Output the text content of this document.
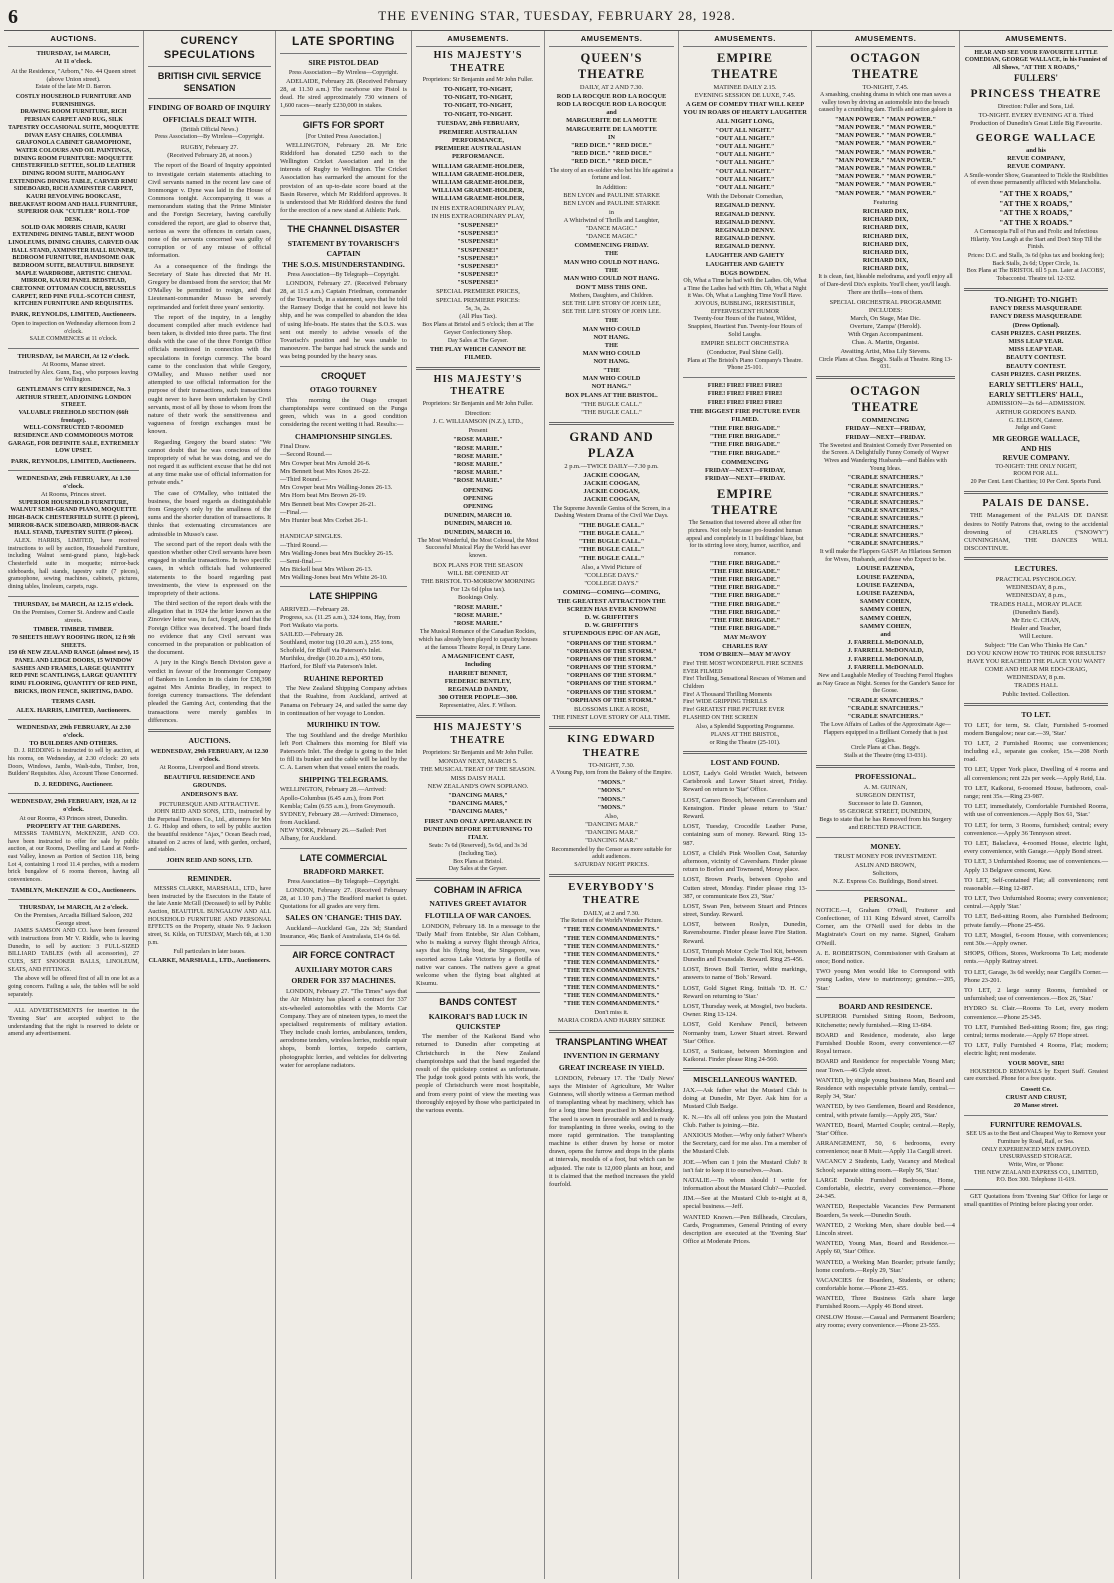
6	THE EVENING STAR, TUESDAY, FEBRUARY 28, 1928.
AUCTIONS.
THURSDAY, 1st MARCH,
At 11 o'clock.
At the Residence, "Arborn," No. 44 Queen street (above Union street).
Estate of the late Mr D. Barron.
COSTLY HOUSEHOLD FURNITURE AND FURNISHINGS.
DRAWING ROOM FURNITURE, RICH PERSIAN CARPET AND RUG, SILK TAPESTRY OCCASIONAL SUITE, MOQUETTE DIVAN EASY CHAIRS, COLUMBIA GRAFONOLA CABINET GRAMOPHONE, WATER COLOURS AND OIL PAINTINGS, DINING ROOM FURNITURE: MOQUETTE CHESTERFIELD SETTEE, SOLID LEATHER DINING ROOM SUITE, MAHOGANY EXTENDING DINING TABLE, CARVED RIMU SIDEBOARD, RICH AXMINSTER CARPET, KAURI REVOLVING BOOKCASE, BREAKFAST ROOM AND HALL FURNITURE, SUPERIOR OAK "CUTLER" ROLL-TOP DESK.
SOLID OAK MORRIS CHAIR, KAURI EXTENDING DINING TABLE, BENT WOOD LINOLEUMS, DINING CHAIRS, CARVED OAK HALL STAND, AXMINSTER HALL RUNNER, BEDROOM FURNITURE, HANDSOME OAK BEDROOM SUITE, BEAUTIFUL BIRDSEYE MAPLE WARDROBE, ARTISTIC CHEVAL MIRROR, KAURI PANEL BEDSTEAD, CRETONNE OTTOMAN COUCH, BRUSSELS CARPET, RED PINE FULL-SCOTCH CHEST, KITCHEN FURNITURE AND REQUISITES.
PARK, REYNOLDS, LIMITED, Auctioneers.
Open to inspection on Wednesday afternoon from 2 o'clock.
SALE COMMENCES at 11 o'clock.
THURSDAY, 1st MARCH, At 12 o'clock.
At Rooms, Manse street.
Instructed by Alex. Gunn, Esq., who purposes leaving for Wellington.
GENTLEMAN'S CITY RESIDENCE, No. 3 ARTHUR STREET, ADJOINING LONDON STREET.
VALUABLE FREEHOLD SECTION (66ft frontage).
WELL-CONSTRUCTED 7-ROOMED RESIDENCE AND COMMODIOUS MOTOR GARAGE, FOR DEFINITE SALE, EXTREMELY LOW UPSET.
PARK, REYNOLDS, LIMITED, Auctioneers.
WEDNESDAY, 29th FEBRUARY, At 1.30 o'clock.
At Rooms, Princes street.
SUPERIOR HOUSEHOLD FURNITURE, WALNUT SEMI-GRAND PIANO, MOQUETTE HIGH-BACK CHESTERFIELD SUITE (3 pieces), MIRROR-BACK SIDEBOARD, MIRROR-BACK HALL STAND, TAPESTRY SUITE (7 pieces).
ALEX. HARRIS, LIMITED, have received instructions to sell by auction, Household Furniture, including Walnut semi-grand piano, high-back Chesterfield suite in moquette; mirror-back sideboards, hall stands, tapestry suite (7 pieces), gramophone, sewing machines, cabinets, pictures, dining tables, linoleum, carpets, rugs.
THURSDAY, 1st MARCH, At 12.15 o'clock.
On the Premises, Corner St. Andrew and Castle streets.
TIMBER. TIMBER. TIMBER.
70 SHEETS HEAVY ROOFING IRON, 12 ft 9ft SHEETS.
150 6ft NEW ZEALAND RANGE (almost new), 15 PANEL AND LEDGE DOORS, 15 WINDOW SASHES AND FRAMES, LARGE QUANTITY RED PINE SCANTLINGS, LARGE QUANTITY RIMU FLOORING, QUANTITY OF RED PINE, BRICKS, IRON FENCE, SKIRTING, DADO.
TERMS CASH.
ALEX. HARRIS, LIMITED, Auctioneers.
WEDNESDAY, 29th FEBRUARY, At 2.30 o'clock.
TO BUILDERS AND OTHERS.
D. J. REDDING is instructed to sell by auction, at his rooms, on Wednesday, at 2.30 o'clock: 20 sets Doors, Windows, Jambs, Wash-tubs, Timber, Iron, Builders' Requisites. Also, Account Those Concerned.
D. J. REDDING, Auctioneer.
WEDNESDAY, 29th FEBRUARY, 1928, At 12 o'clock.
At our Rooms, 43 Princes street, Dunedin.
PROPERTY AT THE GARDENS.
MESSRS TAMBLYN, McKENZIE, AND CO. have been instructed to offer for sale by public auction, at our Rooms, Dwelling and Land at North-east Valley, known as Portion of Section 118, being Lot 4, containing 1 rood 11.4 perches, with a modern brick bungalow of 6 rooms thereon, having all conveniences.
TAMBLYN, McKENZIE & CO., Auctioneers.
THURSDAY, 1st MARCH, At 2 o'clock.
On the Premises, Arcadia Billiard Saloon, 202 George street.
JAMES SAMSON AND CO. have been favoured with instructions from Mr V. Riddle, who is leaving Dunedin, to sell by auction: 3 FULL-SIZED BILLIARD TABLES (with all accessories), 27 CUES, SET SNOOKER BALLS, LINOLEUM, SEATS, AND FITTINGS.
The above will be offered first of all in one lot as a going concern. Failing a sale, the tables will be sold separately.
ALL ADVERTISEMENTS for insertion in the 'Evening Star' are accepted subject to the understanding that the right is reserved to delete or amend any advertisement.
CURENCY SPECULATIONS
BRITISH CIVIL SERVICE SENSATION
FINDING OF BOARD OF INQUIRY
OFFICIALS DEALT WITH.
(British Official News.)
Press Association—By Wireless—Copyright.
RUGBY, February 27.
(Received February 28, at noon.)
The report of the Board of Inquiry appointed to investigate certain statements attaching to Civil servants named in the recent law case of Ironmonger v. Dyne was laid in the House of Commons tonight. Accompanying it was a memorandum stating that the Prime Minister and the Foreign Secretary, having carefully considered the report, are glad to observe that, serious as were the offences in certain cases, none of the servants concerned was guilty of corruption or of any misuse of official information.
As a consequence of the findings the Secretary of State has directed that Mr H. Gregory be dismissed from the service; that Mr O'Malley be permitted to resign, and that Lieutenant-commander Musso be severely reprimanded and forfeit three years' seniority.
The report of the inquiry, in a lengthy document compiled after much evidence had been taken, is divided into three parts. The first deals with the case of the three Foreign Office officials mentioned in connection with the speculations in foreign currency. The board came to the conclusion that while Gregory, O'Malley, and Musso neither used nor attempted to use official information for the purpose of their transactions, such transactions ought never to have been undertaken by Civil servants, most of all by those to whom from the nature of their work the sensitiveness and vagueness of foreign exchanges must be known.
Regarding Gregory the board states: "We cannot doubt that he was conscious of the impropriety of what he was doing, and we do not regard it as sufficient excuse that he did not at any time make use of official information for private ends."
The case of O'Malley, who initiated the business, the board regards as distinguishable from Gregory's only by the smallness of the sums and the shorter duration of transactions. It thinks that extenuating circumstances are admissible in Musso's case.
The second part of the report deals with the question whether other Civil servants have been engaged in similar transactions. In two specific cases, in which officials had volunteered statements to the board regarding past investments, the view is expressed on the impropriety of their actions.
The third section of the report deals with the allegation that in 1924 the letter known as the Zinoviev letter was, in fact, forged, and that the Foreign Office was deceived. The board finds no evidence that any Civil servant was concerned in the preparation or publication of the document.
A jury in the King's Bench Division gave a verdict in favour of the Ironmonger Company of Bankers in London in its claim for £38,398 against Mrs Aminta Bradley, in respect to foreign currency transactions. The defendant pleaded the Gaming Act, contending that the transactions were merely gambles in differences.
AUCTIONS.
WEDNESDAY, 29th FEBRUARY, At 12.30 o'clock.
At Rooms, Liverpool and Bond streets.
BEAUTIFUL RESIDENCE AND GROUNDS.
ANDERSON'S BAY.
PICTURESQUE AND ATTRACTIVE.
JOHN REID AND SONS, LTD., instructed by the Perpetual Trustees Co., Ltd., attorneys for Mrs J. G. Hislop and others, to sell by public auction the beautiful residence "Ajax," Ocean Beach road, situated on 2 acres of land, with garden, orchard, and stables.
JOHN REID AND SONS, LTD.
REMINDER.
MESSRS CLARKE, MARSHALL, LTD., have been instructed by the Executors in the Estate of the late Annie McGill (Deceased) to sell by Public Auction, BEAUTIFUL BUNGALOW AND ALL HOUSEHOLD FURNITURE AND PERSONAL EFFECTS on the Property, situate No. 9 Jackson street, St. Kilda, on TUESDAY, March 6th, at 1.30 p.m.
Full particulars in later issues.
CLARKE, MARSHALL, LTD., Auctioneers.
LATE SPORTING
SIRE PISTOL DEAD
Press Association—By Wireless—Copyright.
ADELAIDE, February 28. (Received February 28, at 11.30 a.m.) The racehorse sire Pistol is dead. He sired approximately 730 winners of 1,600 races—nearly £230,000 in stakes.
GIFTS FOR SPORT
[For United Press Association.]
WELLINGTON, February 28. Mr Eric Riddiford has donated £250 each to the Wellington Cricket Association and in the interests of Rugby to Wellington. The Cricket Association has earmarked the amount for the provision of an up-to-date score board at the Basin Reserve, which Mr Riddiford approves. It is understood that Mr Riddiford desires the fund for the erection of a new stand at Athletic Park.
THE CHANNEL DISASTER
STATEMENT BY TOVARISCH'S CAPTAIN
THE S.O.S. MISUNDERSTANDING.
Press Association—By Telegraph—Copyright.
LONDON, February 27. (Received February 28, at 11.5 a.m.) Captain Friedman, commander of the Tovarisch, in a statement, says that he told the Ramsey Dodge that he could not leave his ship, and he was compelled to abandon the idea of using life-boats. He states that the S.O.S. was sent out merely to advise vessels of the Tovarisch's position and he was unable to manoeuvre. The barque had struck the sands and was being pounded by the heavy seas.
CROQUET
OTAGO TOURNEY
This morning the Otago croquet championships were continued on the Punga green, which was in a good condition considering the recent wetting it had. Results:—
CHAMPIONSHIP SINGLES.
Final Draw.
—Second Round.—
Mrs Cowper beat Mrs Arnold 26-6.
Mrs Bennett beat Mrs Knox 26-22.
—Third Round.—
Mrs Cowper beat Mrs Walling-Jones 26-13.
Mrs Horn beat Mrs Brown 26-19.
Mrs Bennett beat Mrs Cowper 26-21.
—Final.—
Mrs Hunter beat Mrs Corbet 26-1.

HANDICAP SINGLES.
—Third Round.—
Mrs Walling-Jones beat Mrs Buckley 26-15.
—Semi-final.—
Mrs Bickell beat Mrs Wilson 26-13.
Mrs Walling-Jones beat Mrs White 26-10.
LATE SHIPPING
ARRIVED.—February 28.
Progress, s.s. (11.25 a.m.), 324 tons, Hay, from Port Waikato via ports.
SAILED.—February 28.
Southland, motor tug (10.20 a.m.), 255 tons, Schofield, for Bluff via Paterson's Inlet.
Murihiku, dredge (10.20 a.m.), 450 tons, Harford, for Bluff via Paterson's Inlet.
RUAHINE REPORTED
The New Zealand Shipping Company advises that the Ruahine, from Auckland, arrived at Panama on February 24, and sailed the same day in continuation of her voyage to London.
MURIHIKU IN TOW.
The tug Southland and the dredge Murihiku left Port Chalmers this morning for Bluff via Paterson's Inlet. The dredge is going to the Inlet to fill its bunker and the cable will be laid by the C. A. Larsen when that vessel enters the roads.
SHIPPING TELEGRAMS.
WELLINGTON, February 28.—Arrived: Apollo-Columbus (6.45 a.m.), from Port Kembla; Calm (6.55 a.m.), from Greymouth.
SYDNEY, February 28.—Arrived: Dimensco, from Auckland.
NEW YORK, February 26.—Sailed: Port Albany, for Auckland.
LATE COMMERCIAL
BRADFORD MARKET.
Press Association—By Telegraph—Copyright.
LONDON, February 27. (Received February 28, at 1.10 p.m.) The Bradford market is quiet. Quotations for all grades are very firm.
SALES ON 'CHANGE: THIS DAY.
Auckland—Auckland Gas, 22s 3d; Standard Insurance, 46s; Bank of Australasia, £14 6s 6d.
AIR FORCE CONTRACT
AUXILIARY MOTOR CARS
ORDER FOR 337 MACHINES.
LONDON, February 27. "The Times" says that the Air Ministry has placed a contract for 337 six-wheeled automobiles with the Morris Car Company. They are of nineteen types, to meet the specialised requirements of military aviation. They include crash lorries, ambulances, tenders, aerodrome tenders, wireless lorries, mobile repair shops, bomb lorries, torpedo carriers, photographic lorries, and vehicles for delivering water for aeroplane radiators.
AMUSEMENTS.
HIS MAJESTY'S THEATRE
Proprietors: Sir Benjamin and Mr John Fuller.
TO-NIGHT, TO-NIGHT,
TO-NIGHT, TO-NIGHT,
TO-NIGHT, TO-NIGHT,
TO-NIGHT, TO-NIGHT.
TUESDAY, 28th FEBRUARY,
PREMIERE AUSTRALIAN
PERFORMANCE,
PREMIERE AUSTRALASIAN
PERFORMANCE.
WILLIAM GRAEME-HOLDER,
WILLIAM GRAEME-HOLDER,
WILLIAM GRAEME-HOLDER,
WILLIAM GRAEME-HOLDER,
WILLIAM GRAEME-HOLDER,
IN HIS EXTRAORDINARY PLAY,
IN HIS EXTRAORDINARY PLAY,
"SUSPENSE!"
"SUSPENSE!"
"SUSPENSE!"
"SUSPENSE!"
"SUSPENSE!"
"SUSPENSE!"
"SUSPENSE!"
"SUSPENSE!"
SPECIAL PREMIERE PRICES,
SPECIAL PREMIERE PRICES:
5s, 3s, 2s.
(All Plus Tax).
Box Plans at Bristol and 5 o'clock; then at The Geyser Confectionery Shop.
Day Sales at The Geyser.
THE PLAY WHICH CANNOT BE FILMED.
HIS MAJESTY'S THEATRE
Proprietors: Sir Benjamin and Mr John Fuller.
Direction:
J. C. WILLIAMSON (N.Z.), LTD.,
Present
"ROSE MARIE."
"ROSE MARIE."
"ROSE MARIE."
"ROSE MARIE."
"ROSE MARIE."
"ROSE MARIE."
OPENING
OPENING
OPENING
DUNEDIN, MARCH 10.
DUNEDIN, MARCH 10.
DUNEDIN, MARCH 10.
The Most Wonderful, the Most Colossal, the Most Successful Musical Play the World has ever known.
BOX PLANS FOR THE SEASON
WILL BE OPENED AT
THE BRISTOL TO-MORROW MORNING
For 12s 6d (plus tax).
Bookings Only.
"ROSE MARIE."
"ROSE MARIE."
"ROSE MARIE."
The Musical Romance of the Canadian Rockies, which has already been played to capacity houses at the famous Theatre Royal, in Drury Lane.
A MAGNIFICENT CAST,
Including
HARRIET BENNET,
FREDERIC BENTLEY,
REGINALD DANDY,
300 OTHER PEOPLE—300.
Representative, Alex. F. Wilson.
HIS MAJESTY'S THEATRE
Proprietors: Sir Benjamin and Mr John Fuller.
MONDAY NEXT, MARCH 5.
THE MUSICAL TREAT OF THE SEASON.
MISS DAISY HALL
NEW ZEALAND'S OWN SOPRANO.
"DANCING MARS,"
"DANCING MARS,"
"DANCING MARS,"
FIRST AND ONLY APPEARANCE IN DUNEDIN BEFORE RETURNING TO ITALY.
Seats: 7s 6d (Reserved), 5s 6d, and 3s 3d (Including Tax).
Box Plans at Bristol.
Day Sales at the Geyser.
COBHAM IN AFRICA
NATIVES GREET AVIATOR
FLOTILLA OF WAR CANOES.
LONDON, February 18. In a message to the 'Daily Mail' from Entebbe, Sir Alan Cobham, who is making a survey flight through Africa, says that his flying boat, the Singapore, was escorted across Lake Victoria by a flotilla of native war canoes. The natives gave a great welcome when the flying boat alighted at Kisumu.
BANDS CONTEST
KAIKORAI'S BAD LUCK IN QUICKSTEP
The member of the Kaikorai Band who returned to Dunedin after competing at Christchurch in the New Zealand championships said that the band regarded the result of the quickstep contest as unfortunate. The judge took good points with his work, the people of Christchurch were most hospitable, and from every point of view the meeting was thoroughly enjoyed by those who participated in the various events.
AMUSEMENTS.
QUEEN'S THEATRE
DAILY, AT 2 AND 7.30.
ROD LA ROCQUE ROD LA ROCQUE
ROD LA ROCQUE ROD LA ROCQUE
and
MARGUERITE DE LA MOTTE
MARGUERITE DE LA MOTTE
IN
"RED DICE." "RED DICE."
"RED DICE." "RED DICE."
"RED DICE." "RED DICE."
The story of an ex-soldier who bet his life against a fortune and lost.
In Addition:
BEN LYON and PAULINE STARKE
BEN LYON and PAULINE STARKE
in
A Whirlwind of Thrills and Laughter,
"DANCE MAGIC."
"DANCE MAGIC."
COMMENCING FRIDAY.
THE
MAN WHO COULD NOT HANG.
THE
MAN WHO COULD NOT HANG.
DON'T MISS THIS ONE.
Mothers, Daughters, and Children.
SEE THE LIFE STORY OF JOHN LEE,
SEE THE LIFE STORY OF JOHN LEE.
THE
MAN WHO COULD
NOT HANG.
THE
MAN WHO COULD
NOT HANG.
"THE
MAN WHO COULD
NOT HANG."
BOX PLANS AT THE BRISTOL.
"THE BUGLE CALL."
"THE BUGLE CALL."
GRAND AND PLAZA
2 p.m.—TWICE DAILY—7.30 p.m.
JACKIE COOGAN,
JACKIE COOGAN,
JACKIE COOGAN,
JACKIE COOGAN,
The Supreme Juvenile Genius of the Screen, in a Dashing Western Drama of the Civil War Days.
"THE BUGLE CALL."
"THE BUGLE CALL."
"THE BUGLE CALL."
"THE BUGLE CALL."
"THE BUGLE CALL."
Also, a Vivid Picture of
"COLLEGE DAYS."
"COLLEGE DAYS."
COMING—COMING—COMING,
THE GREATEST ATTRACTION THE SCREEN HAS EVER KNOWN!
D. W. GRIFFITH'S
D. W. GRIFFITH'S
STUPENDOUS EPIC OF AN AGE,
"ORPHANS OF THE STORM."
"ORPHANS OF THE STORM."
"ORPHANS OF THE STORM."
"ORPHANS OF THE STORM."
"ORPHANS OF THE STORM."
"ORPHANS OF THE STORM."
"ORPHANS OF THE STORM."
"ORPHANS OF THE STORM."
BLOSSOMS LIKE A ROSE,
THE FINEST LOVE STORY OF ALL TIME.
KING EDWARD THEATRE
TO-NIGHT, 7.30.
A Young Pup, torn from the Bakery of the Empire.
"MONS."
"MONS."
"MONS."
"MONS."
Also,
"DANCING MAR."
"DANCING MAR."
"DANCING MAR."
Recommended by the Censor as more suitable for adult audiences.
SATURDAY NIGHT PRICES.
EVERYBODY'S THEATRE
DAILY, at 2 and 7.30.
The Return of the World's Wonder Picture.
"THE TEN COMMANDMENTS."
"THE TEN COMMANDMENTS."
"THE TEN COMMANDMENTS."
"THE TEN COMMANDMENTS."
"THE TEN COMMANDMENTS."
"THE TEN COMMANDMENTS."
"THE TEN COMMANDMENTS."
"THE TEN COMMANDMENTS."
"THE TEN COMMANDMENTS."
"THE TEN COMMANDMENTS."
Don't miss it.
MARIA CORDA AND HARRY SIEDKE
TRANSPLANTING WHEAT
INVENTION IN GERMANY
GREAT INCREASE IN YIELD.
LONDON, February 17. The 'Daily News' says the Minister of Agriculture, Mr Walter Guinness, will shortly witness a German method of transplanting wheat by machinery, which has for a long time been practised in Mecklenburg. The seed is sown in favourable soil and is ready for transplanting in three weeks, owing to the more rapid germination. The transplanting machine is either drawn by horse or motor drawn, opens the furrow and drops in the plants at intervals, moulds of a foot, but which can be adjusted. The rate is 12,000 plants an hour, and it is claimed that the method increases the yield fourfold.
AMUSEMENTS.
EMPIRE THEATRE
MATINEE DAILY 2.15.
EVENING SESSION DE LUXE, 7.45.
A GEM OF COMEDY THAT WILL KEEP YOU IN ROARS OF HEARTY LAUGHTER
ALL NIGHT LONG,
"OUT ALL NIGHT."
"OUT ALL NIGHT."
"OUT ALL NIGHT."
"OUT ALL NIGHT."
"OUT ALL NIGHT."
"OUT ALL NIGHT."
"OUT ALL NIGHT."
"OUT ALL NIGHT."
With the Debonair Comedian,
REGINALD DENNY.
REGINALD DENNY.
REGINALD DENNY.
REGINALD DENNY.
REGINALD DENNY.
REGINALD DENNY.
LAUGHTER AND GAIETY
LAUGHTER AND GAIETY
BUGS BOWDEN.
Oh, What a Time he had with the Ladies. Oh, What a Time the Ladies had with Him. Oh, What a Night it Was. Oh, What a Laughing Time You'll Have. JOYOUS, BUBBLING, IRRESISTIBLE, EFFERVESCENT HUMOR
Twenty-four Hours of the Fastest, Wildest, Snappiest, Heartiest Fun. Twenty-four Hours of Solid Laughs.
EMPIRE SELECT ORCHESTRA
(Conductor, Paul Shine Gell).
Plans at The Bristol's Piano Company's Theatre. 'Phone 25-101.
FIRE! FIRE! FIRE! FIRE!
FIRE! FIRE! FIRE! FIRE!
FIRE! FIRE! FIRE! FIRE!
THE BIGGEST FIRE PICTURE EVER FILMED.
"THE FIRE BRIGADE."
"THE FIRE BRIGADE."
"THE FIRE BRIGADE."
"THE FIRE BRIGADE."
COMMENCING
FRIDAY—NEXT—FRIDAY,
FRIDAY—NEXT—FRIDAY.
EMPIRE THEATRE
The Sensation that towered above all other fire pictures. Not only because pro-foundest human appeal and completely in 11 buildings' blaze, but for its stirring love story, humor, sacrifice, and romance.
"THE FIRE BRIGADE."
"THE FIRE BRIGADE."
"THE FIRE BRIGADE."
"THE FIRE BRIGADE."
"THE FIRE BRIGADE."
"THE FIRE BRIGADE."
"THE FIRE BRIGADE."
"THE FIRE BRIGADE."
"THE FIRE BRIGADE."
MAY McAVOY
CHARLES RAY
TOM O'BRIEN—MAY M'AVOY
Fire! THE MOST WONDERFUL FIRE SCENES EVER FILMED
Fire! Thrilling, Sensational Rescues of Women and Children
Fire! A Thousand Thrilling Moments
Fire! WIDE GRIPPING THRILLS
Fire! GREATEST FIRE PICTURE EVER FLASHED ON THE SCREEN
Also, a Splendid Supporting Programme.
PLANS AT THE BRISTOL,
or Ring the Theatre (25-101).
LOST AND FOUND.

LOST, Lady's Gold Wristlet Watch, between Carisbrook and Lower Stuart street, Friday. Reward on return to 'Star' Office.

LOST, Cameo Brooch, between Caversham and Kensington. Finder please return to 'Star.' Reward.

LOST, Tuesday, Crocodile Leather Purse, containing sum of money. Reward. Ring 13-987.

LOST, a Child's Pink Woollen Coat, Saturday afternoon, vicinity of Caversham. Finder please return to Borlon and Townsend, Moray place.

LOST, Brown Pearls, between Opoho and Cutten street, Monday. Finder please ring 13-387, or communicate Box 23, 'Star.'

LOST, Swan Pen, between Stuart and Princes street, Sunday. Reward.

LOST, between Roslyn, Dunedin, Ravensbourne. Finder please leave Fire Station. Reward.

LOST, Triumph Motor Cycle Tool Kit, between Dunedin and Evansdale. Reward. Ring 25-456.

LOST, Brown Bull Terrier, white markings, answers to name of 'Bob.' Reward.

LOST, Gold Signet Ring. Initials 'D. H. C.' Reward on returning to 'Star.'

LOST, Thursday week, at Mosgiel, two buckets. Owner. Ring 13-124.

LOST, Gold Kershaw Pencil, between Normanby tram, Lower Stuart street. Reward 'Star' Office.

LOST, a Suitcase, between Mornington and Kaikorai. Finder please Ring 24-560.

MISCELLANEOUS WANTED.

JAX.—Ask father what the Mustard Club is doing at Dunedin, Mr Dyer. Ask him for a Mustard Club Badge.

K. N.—It's all off unless you join the Mustard Club. Father is joining.—Biz.

ANXIOUS Mother.—Why only father? Where's the Secretary, card for me also. I'm a member of the Mustard Club.

JOE.—When can I join the Mustard Club? It isn't fair to keep it to ourselves.—Joan.

NATALIE.—To whom should I write for information about the Mustard Club?—Puzzled.

JIM.—See at the Mustard Club to-night at 8, special business.—Jeff.

WANTED Known.—Pen Billheads, Circulars, Cards, Programmes, General Printing of every description are executed at the 'Evening Star' Office at Moderate Prices.

AMUSEMENTS.
OCTAGON THEATRE
TO-NIGHT, 7.45.
A smashing, crashing drama in which one man saves a valley town by driving an automobile into the breach caused by a crumbling dam. Thrills and action galore in
"MAN POWER." "MAN POWER."
"MAN POWER." "MAN POWER."
"MAN POWER." "MAN POWER."
"MAN POWER." "MAN POWER."
"MAN POWER." "MAN POWER."
"MAN POWER." "MAN POWER."
"MAN POWER." "MAN POWER."
"MAN POWER." "MAN POWER."
"MAN POWER." "MAN POWER."
"MAN POWER." "MAN POWER."
Featuring
RICHARD DIX,
RICHARD DIX,
RICHARD DIX,
RICHARD DIX,
RICHARD DIX,
RICHARD DIX,
RICHARD DIX,
RICHARD DIX,
It is clean, fast, likeable melodrama, and you'll enjoy all of Dare-devil Dix's exploits. You'll cheer, you'll laugh. There are thrills—tons of them.
SPECIAL ORCHESTRAL PROGRAMME INCLUDES:
March, On Stage, Mae Dic.
Overture, 'Zampa' (Herold).
With Organ Accompaniment.
Chas. A. Martin, Organist.
Awaiting Artist, Miss Lily Stevens.
Circle Plans at Chas. Begg's. Stalls at Theatre. Ring 13-031.
OCTAGON THEATRE
COMMENCING
FRIDAY—NEXT—FRIDAY,
FRIDAY—NEXT—FRIDAY.
The Sweetest and Brainiest Comedy Ever Presented on the Screen. A Delightfully Funny Comedy of Waywr Wives and Wandering Husbands—and Bables with Young Ideas.
"CRADLE SNATCHERS."
"CRADLE SNATCHERS."
"CRADLE SNATCHERS."
"CRADLE SNATCHERS."
"CRADLE SNATCHERS."
"CRADLE SNATCHERS."
"CRADLE SNATCHERS."
"CRADLE SNATCHERS."
"CRADLE SNATCHERS."
It will make the Flappers GASP! An Hilarious Sermon for Wives, Husbands, and those who Expect to be.
LOUISE FAZENDA,
LOUISE FAZENDA,
LOUISE FAZENDA,
LOUISE FAZENDA,
SAMMY COHEN,
SAMMY COHEN,
SAMMY COHEN,
SAMMY COHEN,
and
J. FARRELL McDONALD,
J. FARRELL McDONALD,
J. FARRELL McDONALD,
J. FARRELL McDONALD.
New and Laughable Medley of Touching Ferrol Hughes as Nay Grace as Night. Scenes for the Gander's Sauce for the Goose.
"CRADLE SNATCHERS."
"CRADLE SNATCHERS."
"CRADLE SNATCHERS."
The Love Affairs of Ladies of the Approximate Age—Flappers equipped in a Brilliant Comedy that is just Giggles.
Circle Plans at Chas. Begg's.
Stalls at the Theatre (ring 13-031).
PROFESSIONAL.
A. M. GUINAN,
SURGEON DENTIST,
Successor to late D. Gunnon,
95 GEORGE STREET, DUNEDIN,
Begs to state that he has Removed from his Surgery and ERECTED PRACTICE.
MONEY.
TRUST MONEY FOR INVESTMENT.
ASLIN AND BROWN,
Solicitors,
N.Z. Express Co. Buildings, Bond street.
PERSONAL.

NOTICE.—I, Graham O'Neill, Fruiterer and Confectioner, of 111 King Edward street, Carroll's Corner, am the O'Neill used for debts in the Magistrate's Court on my name. Signed, Graham O'Neill.

A. E. ROBERTSON, Commissioner with Graham at once; Bond notice.

TWO young Men would like to Correspond with young Ladies, view to matrimony; genuine.—205, 'Star.'

BOARD AND RESIDENCE.

SUPERIOR Furnished Sitting Room, Bedroom, Kitchenette; newly furnished.—Ring 13-684.

BOARD and Residence, moderate, also large Furnished Double Room, every convenience.—67 Royal terrace.

BOARD and Residence for respectable Young Man; near Town.—46 Clyde street.

WANTED, by single young business Man, Board and Residence with respectable private family, central.—Reply 34, 'Star.'

WANTED, by two Gentlemen, Board and Residence, central, with private family.—Apply 205, 'Star.'

WANTED, Board, Married Couple; central.—Reply, 'Star' Office.

ARRANGEMENT, 50, 6 bedrooms, every convenience; near 8 Muir.—Apply 11a Cargill street.

VACANCY 2 Students, Lady, Vacancy and Medical School; separate sitting room.—Reply 56, 'Star.'

LARGE Double Furnished Bedrooms, Home, Comfortable, electric, every convenience.—Phone 24-345.

WANTED, Respectable Vacancies Few Permanent Boarders, 5s week.—Dunedin South.

WANTED, 2 Working Men, share double bed.—4 Lincoln street.

WANTED, Young Man, Board and Residence.—Apply 60, 'Star' Office.

WANTED, a Working Man Boarder; private family; home comforts.—Reply 29, 'Star.'

VACANCIES for Boarders, Students, or others; comfortable home.—Phone 23-455.

WANTED, Three Business Girls share large Furnished Room.—Apply 46 Bond street.

ONSLOW House.—Casual and Permanent Boarders; airy rooms; every convenience.—Phone 23-555.

AMUSEMENTS.
HEAR AND SEE YOUR FAVOURITE LITTLE COMEDIAN, GEORGE WALLACE, in his Funniest of All Shows, "AT THE X ROADS,"
FULLERS'
PRINCESS THEATRE
Direction: Fuller and Sons, Ltd.
TO-NIGHT. EVERY EVENING AT 8. Third Production of Dunedin's Great Little Big Favourite.
GEORGE WALLACE
and his
REVUE COMPANY,
REVUE COMPANY.
A Smile-wonder Show, Guaranteed to Tickle the Risibilities of even those permanently afflicted with Melancholia.
"AT THE X ROADS,"
"AT THE X ROADS,"
"AT THE X ROADS,"
"AT THE X ROADS."
A Cornucopia Full of Fun and Frolic and Infectious Hilarity. You Laugh at the Start and Don't Stop Till the Finish.
Prices: D.C. and Stalls, 3s 6d (plus tax and booking fee); Back Stalls, 2s 6d; Upper Circle, 1s.
Box Plans at The BRISTOL till 5 p.m. Later at JACOBS', Tobacconist. Theatre tel. 12-332.
TO-NIGHT: TO-NIGHT:
FANCY DRESS MASQUERADE
FANCY DRESS MASQUERADE
(Dress Optional).
CASH PRIZES. CASH PRIZES.
MISS LEAP YEAR.
MISS LEAP YEAR.
BEAUTY CONTEST.
BEAUTY CONTEST.
CASH PRIZES. CASH PRIZES.
EARLY SETTLERS' HALL,
EARLY SETTLERS' HALL,
ADMISSION—2s 6d—ADMISSION.
ARTHUR GORDON'S BAND.
G. ELLISON, Caterer.
Judge and Guest:
MR GEORGE WALLACE,
AND HIS
REVUE COMPANY.
TO-NIGHT: THE ONLY NIGHT,
ROOM FOR ALL.
20 Per Cent. Lent Charities; 10 Per Cent. Sports Fund.
PALAIS DE DANSE.
THE Management of the PALAIS DE DANSE desires to Notify Patrons that, owing to the accidental drowning of CHARLES ("SNOWY") CUNNINGHAM, THE DANCES WILL DISCONTINUE.
LECTURES.
PRACTICAL PSYCHOLOGY.
WEDNESDAY, 8 p.m.,
WEDNESDAY, 8 p.m.,
TRADES HALL, MORAY PLACE
(Dunedin's Band).
Mr Eric C. CHAN,
Healer and Teacher,
Will Lecture.
Subject: "He Can Who Thinks He Can."
DO YOU KNOW HOW TO THINK FOR RESULTS?
HAVE YOU REACHED THE PLACE YOU WANT?
COME AND HEAR MR EDO-CRAIG,
WEDNESDAY, 8 p.m.
TRADES HALL
Public Invited. Collection.
TO LET.

TO LET, for term, St. Clair, Furnished 5-roomed modern Bungalow; near car.—39, 'Star.'

TO LET, 2 Furnished Rooms; use conveniences; including e.l., separate gas cooker, 15s.—208 North road.

TO LET, Upper York place, Dwelling of 4 rooms and all conveniences; rent 22s per week.—Apply Reid, Lta.

TO LET, Kaikorai, 6-roomed House, bathroom, coal-range; rent 35s.—Ring 23-987.

TO LET, immediately, Comfortable Furnished Rooms, with use of conveniences.—Apply Box 61, 'Star.'

TO LET, for term, 3 Rooms, furnished; central; every convenience.—Apply 36 Tennyson street.

TO LET, Balaclava, 4-roomed House, electric light, every convenience, with Garage.—Apply Bond street.

TO LET, 3 Unfurnished Rooms; use of conveniences.—Apply 13 Belgrave crescent, Kew.

TO LET, Self-contained Flat; all conveniences; rent reasonable.—Ring 12-887.

TO LET, Two Unfurnished Rooms; every convenience; central.—Apply 'Star.'

TO LET, Bed-sitting Room, also Furnished Bedroom; private family.—Phone 25-456.

TO LET, Mosgiel, 6-room House, with conveniences; rent 30s.—Apply owner.

SHOPS, Offices, Stores, Workrooms To Let; moderate rents.—Apply Rattray street.

TO LET, Garage, 3s 6d weekly; near Cargill's Corner.—Phone 23-201.

TO LET, 2 large sunny Rooms, furnished or unfurnished; use of conveniences.—Box 26, 'Star.'

HYDRO St. Clair.—Rooms To Let, every modern convenience.—Phone 25-345.

TO LET, Furnished Bed-sitting Room; fire, gas ring; central; terms moderate.—Apply 67 Hope street.

TO LET, Fully Furnished 4 Rooms, Flat; modern; electric light; rent moderate.

YOUR MOVE, SIR!
HOUSEHOLD REMOVALS by Expert Staff. Greatest care exercised. Phone for a free quote.
Cossett Co.
CRUST AND CRUST,
20 Manse street.
FURNITURE REMOVALS.
SEE US as to the Best and Cheapest Way to Remove your Furniture by Road, Rail, or Sea.
ONLY EXPERIENCED MEN EMPLOYED.
UNSURPASSED STORAGE.
Write, Wire, or 'Phone:
THE NEW ZEALAND EXPRESS CO., LIMITED,
P.O. Box 300. Telephone 11-619.
GET Quotations from 'Evening Star' Office for large or small quantities of Printing before placing your order.
